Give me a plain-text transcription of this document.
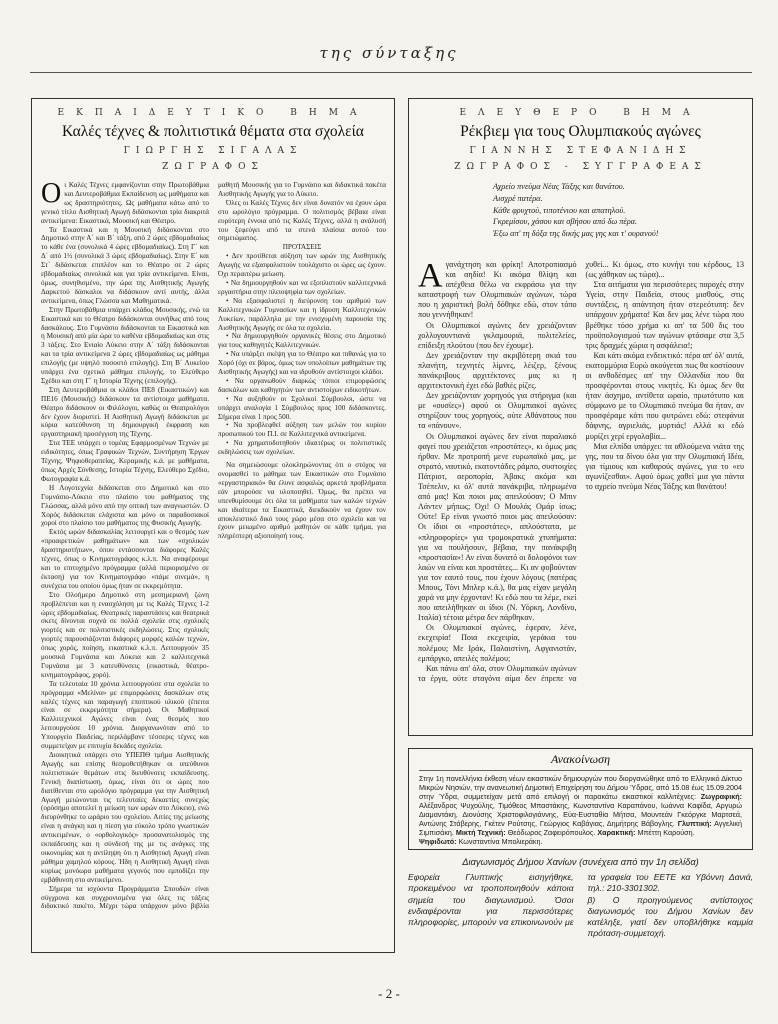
της σύνταξης
ΕΚΠΑΙΔΕΥΤΙΚΟ ΒΗΜΑ
Καλές τέχνες & πολιτιστικά θέματα στα σχολεία
ΓΙΩΡΓΗΣ ΣΙΓΑΛΑΣ
ΖΩΓΡΑΦΟΣ

Οι Καλές Τέχνες εμφανίζονται στην Πρωτοβάθμια και Δευτεροβάθμια Εκπαίδευση ως μαθήματα και ως δραστηριότητες. Ως μαθήματα κάτω από το γενικό τίτλο Αισθητική Αγωγή διδάσκονται τρία διακριτά αντικείμενα: Εικαστικά, Μουσική και Θέατρο.

Τα Εικαστικά και η Μουσική διδάσκονται στο Δημοτικό στην Α΄ και Β΄ τάξη, από 2 ώρες εβδομαδιαίως το κάθε ένα (συνολικά 4 ώρες εβδομαδιαίως). Στη Γ΄ και Δ΄ από 1½ (συνολικά 3 ώρες εβδομαδιαίως). Στην Ε΄ και Στ΄ διδάσκεται επιπλέον και το Θέατρο σε 2 ώρες εβδομαδιαίως συνολικά και για τρία αντικείμενα. Είναι, όμως, συνηθισμένο, την ώρα της Αισθητικής Αγωγής Δαρκετού δάσκαλοι να διδάσκουν αντί αυτής, άλλα αντικείμενα, όπως Γλώσσα και Μαθηματικά.

Στην Πρωτοβάθμια υπάρχει κλάδος Μουσικής, ενώ τα Εικαστικά και το Θέατρο διδάσκονται συνήθως από τους δασκάλους. Στο Γυμνάσιο διδάσκονται τα Εικαστικά και η Μουσική από μία ώρα το καθένα εβδομαδιαίως και στις 3 τάξεις. Στο Ενιαίο Λύκειο στην Α΄ τάξη διδάσκονται και τα τρία αντικείμενα 2 ώρες εβδομαδιαίως ως μάθημα επιλογής (με υψηλό ποσοστό επιλογής). Στη Β΄ Λυκείου υπάρχει ένα σχετικό μάθημα επιλογής, το Ελεύθερο Σχέδιο και στη Γ΄ η Ιστορία Τέχνης (επιλογής).

Στη Δευτεροβάθμια οι κλάδοι ΠΕ8 (Εικαστικών) και ΠΕ16 (Μουσικής) διδάσκουν τα αντίστοιχα μαθήματα. Θέατρο διδάσκουν οι Φιλόλογοι, καθώς οι Θεατρολόγοι δεν έχουν διοριστεί. Η Αισθητική Αγωγή διδάσκεται με κύρια κατεύθυνση τη δημιουργική έκφραση και εργαστηριακή προσέγγιση της Τέχνης.

Στα ΤΕΕ υπάρχει ο τομέας Εφαρμοσμένων Τεχνών με ειδικότητες, όπως Γραφικών Τεχνών, Συντήρηση Έργων Τέχνης, Ψηφιοθεραπείας, Κεραμικής κ.ά. με μαθήματα, όπως Αρχές Σύνθεσης, Ιστορία Τέχνης, Ελεύθερο Σχέδιο, Φωτογραφία κ.ά.

Η Λογοτεχνία διδάσκεται στο Δημοτικό και στο Γυμνάσιο-Λύκειο στο πλαίσιο του μαθήματος της Γλώσσας, αλλά μόνο από την οπτική των αναγνωστών. Ο Χορός διδάσκεται ελάχιστα και μόνο οι παραδοσιακοί χοροί στο πλαίσιο του μαθήματος της Φυσικής Αγωγής.

Εκτός ωρών διδασκαλίας λειτουργεί και ο θεσμός των «προαιρετικών μαθημάτων» και των «σχολικών δραστηριοτήτων», όπου εντάσσονται διάφορες Καλές τέχνες, όπως ο Κινηματογράφος κ.λ.π. Να αναφέρουμε και το επιτυχημένο πρόγραμμα (αλλά περιορισμένο σε έκταση) για τον Κινηματογράφο «πάμε σινεμά», η συνέχεια του οποίου όμως ήταν σε εκκρεμότητα.

Στο Ολοήμερο Δημοτικό στη μεσημεριανή ζώνη προβλέπεται και η ενασχόληση με τις Καλές Τέχνες 1-2 ώρες εβδομαδιαίως. Θεατρικές παραστάσεις και θεατρικά σκετς δίνονται συχνά σε πολλά σχολεία στις σχολικές γιορτές και σε πολιτιστικές εκδηλώσεις. Στις σχολικές γιορτές παρουσιάζονται διάφορες μορφές καλών τεχνών, όπως χορός, ποίηση, εικαστικά κ.λ.π. Λειτουργούν 35 μουσικά Γυμνάσια και Λύκεια και 2 καλλιτεχνικά Γυμνάσια με 3 κατευθύνσεις (εικαστικά, θέατρο-κινηματογράφος, χορό).

Τα τελευταία 10 χρόνια λειτουργούσε στα σχολεία το πρόγραμμα «Μελίνα» με επιμορφώσεις δασκάλων στις καλές τέχνες και παραγωγή εποπτικού υλικού (έπειτα είναι σε εκκρεμότητα σήμερα). Οι Μαθητικοί Καλλιτεχνικοί Αγώνες είναι ένας θεσμός που λειτουργούσε 10 χρόνια. Διοργανωνόταν από το Υπουργείο Παιδείας, περιλάμβανε τέσσερις τέχνες και συμμετείχαν με επιτυχία δεκάδες σχολεία.

Διοικητικά υπάρχει στο ΥΠΕΠΘ τμήμα Αισθητικής Αγωγής και επίσης θεσμοθετήθηκαν οι υπεύθυνοι πολιτιστικών θεμάτων στις διευθύνσεις εκπαίδευσης. Γενική διαπίστωση, όμως, είναι ότι οι ώρες που διατίθενται στο ωρολόγιο πρόγραμμα για την Αισθητική Αγωγή μειώνονται τις τελευταίες δεκαετίες συνεχώς (ορόσημο αποτελεί η μείωση των ωρών στο Λύκειο), ενώ διευρύνθηκε το ωράριο του σχολείου. Αιτίες της μείωσης είναι η ανάγκη και η πίεση για εύκολο τρόπο γνωστικών αντικειμένων, ο «ορθολογικός» προσανατολισμός της εκπαίδευσης και η σύνδεσή της με τις ανάγκες της οικονομίας και η αντίληψη ότι η Αισθητική Αγωγή είναι μάθημα χαμηλού κόρους. Ήδη η Αισθητική Αγωγή είναι κυρίως μονόωρα μαθήματα γεγονός που εμποδίζει την εμβάθυνση στο αντικείμενο.

Σήμερα τα ισχύοντα Προγράμματα Σπουδών είναι σύγχρονα και συγχρονισμένα για όλες τις τάξεις διδακτικό πακέτο. Μέχρι τώρα υπάρχουν μόνο βιβλία μαθητή Μουσικής για το Γυμνάσιο και διδακτικά πακέτα Αισθητικής Αγωγής για το Λύκειο.

Όλες οι Καλές Τέχνες δεν είναι δυνατόν να έχουν ώρα στο ωρολόγιο πρόγραμμα. Ο πολιτισμός βέβαια είναι ευρύτερη έννοια από τις Καλές Τέχνες, αλλά η ανάλυσή του ξεφεύγει από τα στενά πλαίσια αυτού του σημειώματος.

ΠΡΟΤΑΣΕΙΣ

• Δεν προτίθεται αύξηση των ωρών της Αισθητικής Αγωγής να εξασφαλιστούν τουλάχιστο οι ώρες ως έχουν. Όχι περαιτέρω μείωση.

• Να δημιουργηθούν και να εξοπλιστούν καλλιτεχνικά εργαστήρια στην πλειοψηφία των σχολείων.

• Να εξασφαλιστεί η διεύρυνση του αριθμού των Καλλιτεχνικών Γυμνασίων και η ίδρυση Καλλιτεχνικών Λυκείων, παράλληλα με την ενισχυμένη παρουσία της Αισθητικής Αγωγής σε όλα τα σχολεία.

• Να δημιουργηθούν οργανικές θέσεις στο Δημοτικό για τους καθηγητές Καλλιτεχνικών.

• Να υπάρξει σκέψη για το Θέατρο και πιθανώς για το Χορό (όχι σε βάρος, όμως των υπολοίπων μαθημάτων της Αισθητικής Αγωγής) και να ιδρυθούν αντίστοιχοι κλάδοι.

• Να οργανωθούν διαρκώς τόπιοι επιμορφώσεις δασκάλων και καθηγητών των αντιστοίχων ειδικοτήτων.

• Να αυξηθούν οι Σχολικοί Σύμβουλοι, ώστε να υπάρχει αναλογία 1 Σύμβουλος προς 100 διδάσκοντες. Σήμερα είναι 1 προς 500.

• Να προβλεφθεί αύξηση των μελών του κυρίου προσωπικού του Π.Ι. σε Καλλιτεχνικά αντικείμενα.

• Να χρηματοδοτηθούν ιδιαιτέρως οι πολιτιστικές εκδηλώσεις των σχολείων.

Να σημειώσουμε ολοκληρώνοντας ότι ο στόχος να ονομασθεί το μάθημα των Εικαστικών στο Γυμνάσιο «εργαστηριακό» θα έλυνε ασφαλώς αρκετά προβλήματα εάν μπορούσε να υλοποιηθεί. Όμως, θα πρέπει να υπενθυμίσουμε ότι όλα τα μαθήματα των καλών τεχνών και ιδιαίτερα τα Εικαστικά, διεκδικούν να έχουν τον αποκλειστικό δικό τους χώρο μέσα στο σχολείο και να έχουν μειωμένο αριθμό μαθητών σε κάθε τμήμα, για πληρέστερη αξιοποίησή τους.

ΕΛΕΥΘΕΡΟ ΒΗΜΑ
Ρέκβιεμ για τους Ολυμπιακούς αγώνες
ΓΙΑΝΝΗΣ ΣΤΕΦΑΝΙΔΗΣ
ΖΩΓΡΑΦΟΣ - ΣΥΓΓΡΑΦΕΑΣ
Αχρείο πνεύμα Νέας Τάξης και θανάτου.
Αισχρέ πατέρα.
Κάθε φρυχτού, τιποτένιου και απατηλού.
Γκρεμίσου, χάσου και σβήσου από δω πέρα.
Έξω απ' τη δόξα της δικής μας γης και τ' ουρανού!

Αγανάχτηση και φρίκη! Αποτροπιασμό και αηδία! Κι ακόμα θλίψη και απέχθεια θέλω να εκφράσω για την καταστροφή των Ολυμπιακών αγώνων, τώρα που η χαριστική βολή δόθηκε εδώ, στον τόπο που γεννήθηκαν!

Οι Ολυμπιακοί αγώνες δεν χρειάζονταν χολλυγουντιανά γκλαμουριά, πολιτελείες, επίδειξη πλούτου (που δεν έχουμε).

Δεν χρειάζονταν την ακριβότερη σκιά του πλανήτη, τεχνητές λίμνες, λέιζερ, ξένους πανάκριβους αρχιτέκτονες μας κι η αρχιτεκτονική έχει εδώ βαθιές ρίζες.

Δεν χρειάζονταν χορηγούς για στήριγμα (και με «ουσίες») αφού οι Ολυμπιακοί αγώνες στηρίζουν τους χορηγούς, ούτε Αθάνατους που τα «πάνουν».

Οι Ολυμπιακοί αγώνες δεν είναι παραλιακό φαγεί που χρειάζεται «προστάτες», κι όμως μας ήρθαν. Με προτροπή μενε ευρωπαϊκό μας, με στρατό, ναυτικό, εκατοντάδες ράμπο, συστοιχίες Πάτριοτ, αεροπορία, Άβακς ακόμα και Τσέπελιν, κι όλ' αυτά πανάκριβα, πληρωμένα από μας! Και ποιοι μας απειλούσαν; Ο Μπιν Λάντεν μήπως; Όχι! Ο Μουλάς Ομάρ ίσως; Ούτε! Ερ είναι γνωστό ποιοι μας απειλούσαν: Οι ίδιοι οι «προστάτες», απλούστατα, με «πληροφορίες» για τρομοκρατικά χτυπήματα: για να πουλήσουν, βέβαια, την πανάκριβη «προστασία»! Αν είναι δυνατό οι δολοφόνοι των λαών να είναι και προστάτες... Κι αν φοβούνταν για τον εαυτό τους, που έχουν λόγους (πατέρας Μπους, Τόνι Μπλερ κ.ά.), θα μας είχαν μεγάλη χαρά να μην έρχονταν! Κι εδώ που τα λέμε, εκεί που απειλήθηκαν οι ίδιοι (Ν. Υόρκη, Λονδίνο, Ιταλία) τέτοια μέτρα δεν πάρθηκαν.

Οι Ολυμπιακοί αγώνες, έφεραν, λένε, εκεχειρία! Ποια εκεχειρία, γεράκια του πολέμου; Με Ιράκ, Παλαιστίνη, Αφγανιστάν, εμπάργκο, απειλές πολέμου;

Και πάνω απ' όλα, στον Ολυμπιακών αγώνων τα έργα, ούτε σταγόνα αίμα δεν έπρεπε να χυθεί... Κι όμως, στο κυνήγι του κέρδους, 13 (ως χάθηκαν ως τώρα)...

Στα αιτήματα για περισσότερες παροχές στην Υγεία, στην Παιδεία, στους μισθούς, στις συντάξεις, η απάντηση ήταν στερεότυπη: δεν υπάρχουν χρήματα! Και δεν μας λένε τώρα που βρέθηκε τόσο χρήμα κι απ' τα 500 δις του προϋπολογισμού των αγώνων φτάσαμε στα 3,5 τρις δραχμές χώρια η ασφάλεια!;

Και κάτι ακόμα ενδεικτικό: πέρα απ' όλ' αυτά, εκατομμύρια Ευρώ ακούγεται πως θα κοστίσουν οι ανθοδέσμες απ' την Ολλανδία που θα προσφέρονται στους νικητές. Κι όμως δεν θα ήταν άσχημο, αντίθετα ωραίο, πρωτότυπο και σύμφωνο με το Ολυμπιακό πνεύμα θα ήταν, αν προσφέραμε κάτι που φυτρώνει εδώ: στεφάνια δάφνης, αγριελιάς, μυρτιάς! Αλλά κι εδώ μυρίζει χερί εργολαβία...

Μια ελπίδα υπάρχει: τα αθλούμενα νιάτα της γης, που τα δίνου όλα για την Ολυμπιακή Ιδέα, για τίμιους και καθαρούς αγώνες, για το «ευ αγωνίζεσθαι». Αφού όμως χαθεί μια για πάντα το αχρείο πνεύμα Νέας Τάξης και θανάτου!

Ανακοίνωση
Στην 1η πανελλήνια έκθεση νέων εικαστικών δημιουργών που διοργανώθηκε από το Ελληνικό Δίκτυο Μικρών Νησιών, την ανανεωτική Δημοτική Επιχείρηση του Δήμου Ύδρας, από 15.08 έως 15.09.2004 στην Ύδρα, συμμετείχαν μετά από επιλογή οι παρακάτω εικαστικοί καλλιτέχνες: Ζωγραφική: Αλέξανδρος Ψυχούλης, Τιμόθεος Μπαστάκης, Κωνσταντίνα Καραπάνου, Ιωάννα Καφίδα, Αργυρώ Διαμαντάκη, Διονύσης Χριστοφιλογιάννης, Εύα-Ευσταθία Μήτσα, Μουντεάν Γκεόργκε Μαρτσεά, Αντώνης Στάβερης, Γκέτεν Ρούτσης, Γεώργιος Καβάγιας, Δημήτρης Βάβογλης. Γλυπτική: Αγγελική Σιμπισάκη. Μικτή Τεχνική: Θεόδωρος Ζαφειρόπουλος. Χαρακτική: Μπέττη Καρούση.
Ψηφιδωτό: Κωνσταντίνα Μπολιεράκη.
Διαγωνισμός Δήμου Χανίων (συνέχεια από την 1η σελίδα)

Εφορεία Γλυπτικής εισηγήθηκε, προκειμένου να τροποποιηθούν κάποια σημεία του διαγωνισμού. Όσοι ενδιαφέρονται για περισσότερες πληροφορίες, μπορούν να επικοινωνούν με τα γραφεία του ΕΕΤΕ κα Υβόννη Δανιά, τηλ.: 210-3301302.

β) Ο προηγούμενος αντίστοιχος διαγωνισμός του Δήμου Χανίων δεν κατέληξε, γιατί δεν υποβλήθηκε καμμία πρόταση-συμμετοχή.

- 2 -
